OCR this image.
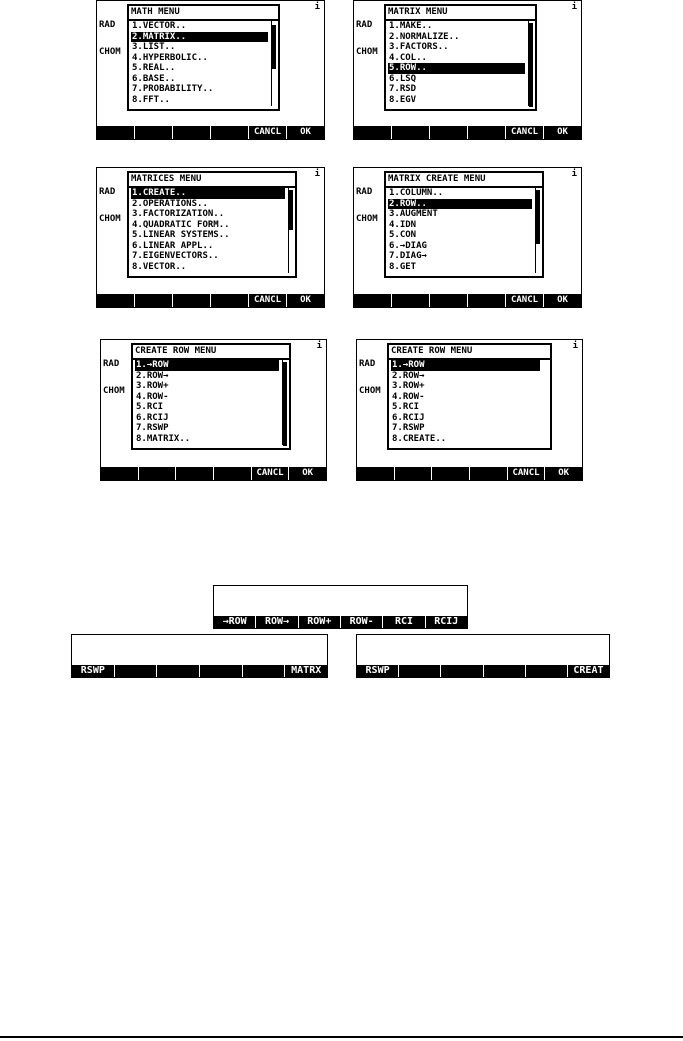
RAD

CHOM

i
MATH MENU
1.VECTOR..
2.MATRIX..
3.LIST..
4.HYPERBOLIC..
5.REAL..
6.BASE..
7.PROBABILITY..
8.FFT..
CANCL	OK

RAD

CHOM

i
MATRIX MENU
1.MAKE..
2.NORMALIZE..
3.FACTORS..
4.COL..
5.ROW..
6.LSQ
7.RSD
8.EGV
CANCL	OK

RAD

CHOM

i
MATRICES MENU
1.CREATE..
2.OPERATIONS..
3.FACTORIZATION..
4.QUADRATIC FORM..
5.LINEAR SYSTEMS..
6.LINEAR APPL..
7.EIGENVECTORS..
8.VECTOR..
CANCL	OK

RAD

CHOM

i
MATRIX CREATE MENU
1.COLUMN..
2.ROW..
3.AUGMENT
4.IDN
5.CON
6.→DIAG
7.DIAG→
8.GET
CANCL	OK

RAD

CHOM

i
CREATE ROW MENU
1.→ROW
2.ROW→
3.ROW+
4.ROW-
5.RCI
6.RCIJ
7.RSWP
8.MATRIX..
CANCL	OK

RAD

CHOM

i
CREATE ROW MENU
1.→ROW
2.ROW→
3.ROW+
4.ROW-
5.RCI
6.RCIJ
7.RSWP
8.CREATE..
CANCL	OK
→ROW	ROW→	ROW+	ROW-	RCI	RCIJ
RSWP	MATRX	RSWP	CREAT
